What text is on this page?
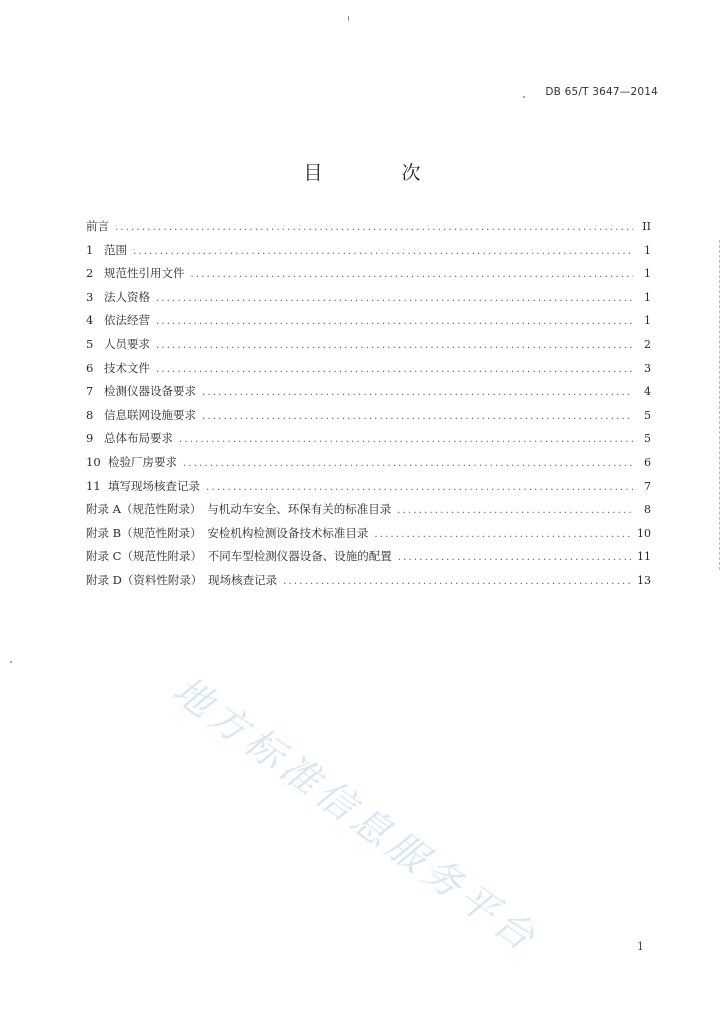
DB 65/T 3647—2014
目　次
前言 .....	II
1 范围 .....	1
2 规范性引用文件 .....	1
3 法人资格 .....	1
4 依法经营 .....	1
5 人员要求 .....	2
6 技术文件 .....	3
7 检测仪器设备要求 .....	4
8 信息联网设施要求 .....	5
9 总体布局要求 .....	5
10 检验厂房要求 .....	6
11 填写现场核查记录 .....	7
附录 A（规范性附录）　与机动车安全、环保有关的标准目录 .....	8
附录 B（规范性附录）　安检机构检测设备技术标准目录 .....	10
附录 C（规范性附录）　不同车型检测仪器设备、设施的配置 .....	11
附录 D（资料性附录）　现场核查记录 .....	13
地方标准信息服务平台	1
